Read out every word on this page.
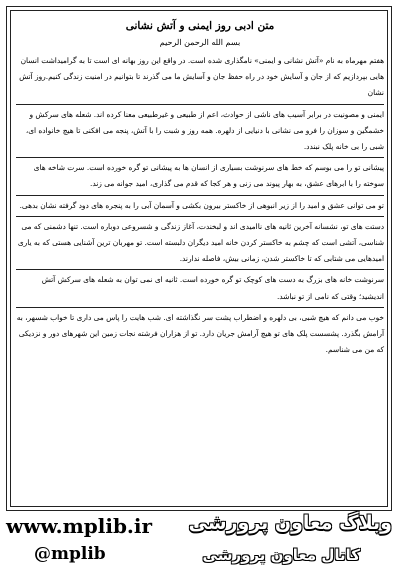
متن ادبی روز ایمنی و آتش نشانی
بسم الله الرحمن الرحیم

هفتم مهرماه به نام «آتش نشانی و ایمنی» نامگذاری شده است. در واقع این روز بهانه ای است تا به گرامیداشت انسان هایی بپردازیم که از جان و آسایش خود در راه حفظ جان و آسایش ما می گذرند تا بتوانیم در امنیت زندگی کنیم.روز آتش نشان

ایمنی و مصونیت در برابر آسیب های ناشی از حوادث، اعم از طبیعی و غیرطبیعی معنا کرده اند. شعله های سرکش و خشمگین و سوزان را فرو می نشانی با دنیایی از دلهره. همه روز و شبت را با آتش، پنجه می افکنی تا هیچ خانواده ای، شبی را بی خانه پلک نبندد.

پیشانی تو را می بوسم که خط های سرنوشت بسیاری از انسان ها به پیشانی تو گره خورده است. سرت شاخه های سوخته را با ابرهای عشق، به بهار پیوند می زنی و هر کجا که قدم می گذاری، امید جوانه می زند.

تو می توانی عشق و امید را از زیر انبوهی از خاکستر بیرون بکشی و آسمان آبی را به پنجره های دود گرفته نشان بدهی.

دستت های تو، نشسانه آخرین ثانیه های ناامیدی اند و لبخندت، آغاز زندگی و شسروعی دوباره است. تنها دشمنی که می شناسی، آتشی است که چشم به خاکستر کردن خانه امید دیگران دلبسته است. تو مهربان ترین آشنایی هستی که به یاری امیدهایی می شتابی که تا خاکستر شدن، زمانی بیش، فاصله ندارند.

سرنوشت خانه های بزرگ به دست های کوچک تو گره خورده است. ثانیه ای نمی توان به شعله های سرکش آتش اندیشید؛ وقتی که نامی از تو نباشد.

خوب می دانم که هیچ شبی، بی دلهره و اضطراب پشت سر نگذاشته ای. شب هایت را پاس می داری تا خواب شسهر، به آرامش بگذرد. پشسست پلک های تو هیچ آرامش جریان دارد. تو از هزاران فرشته نجات زمین این شهرهای دور و نزدیکی که من می شناسم.

www.mplib.ir وبلاگ معاون پرورشی
@mplib	کانال معاون پرورشی
